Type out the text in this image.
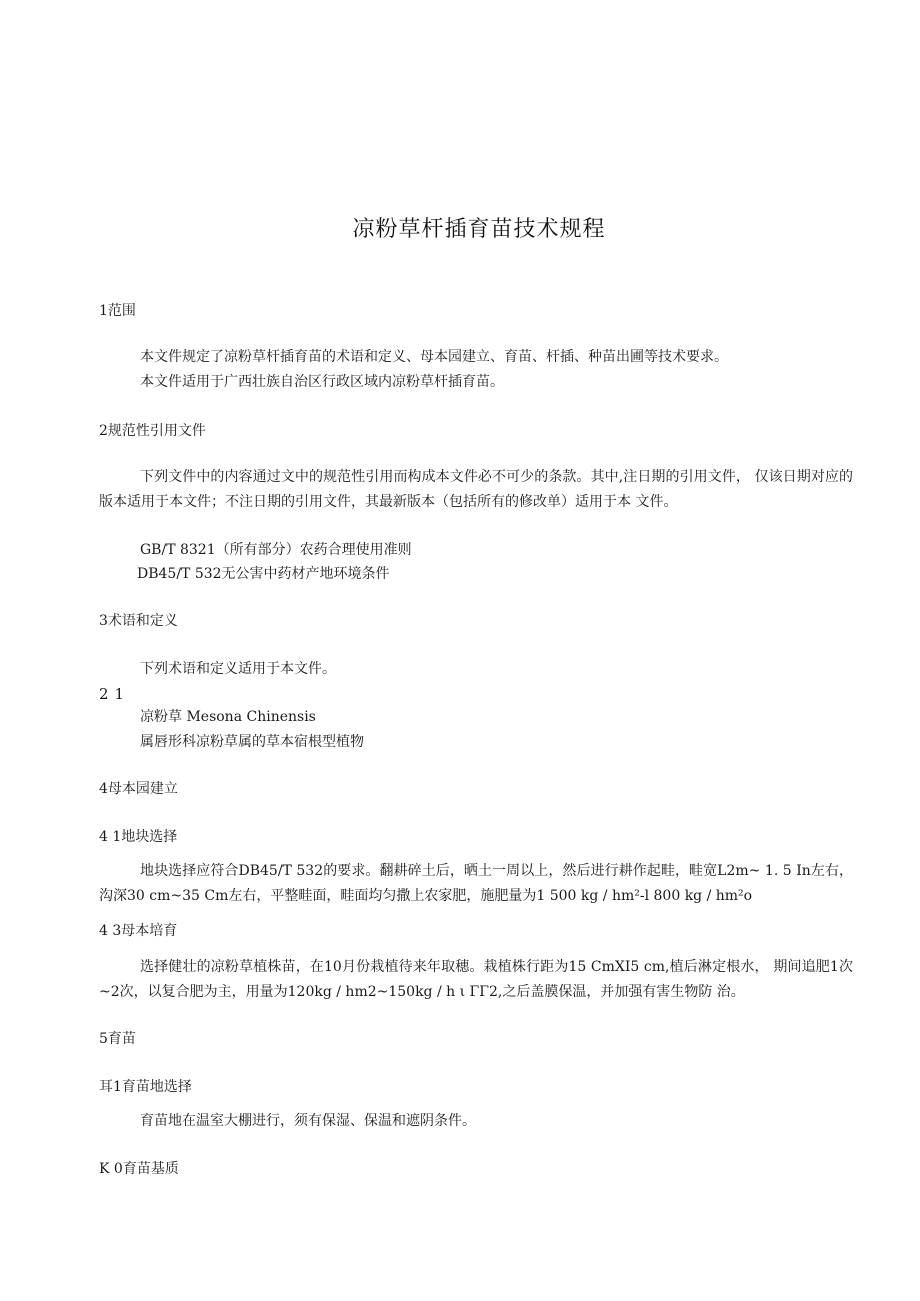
凉粉草杆插育苗技术规程
1范围
本文件规定了凉粉草杆插育苗的术语和定义、母本园建立、育苗、杆插、种苗出圃等技术要求。
本文件适用于广西壮族自治区行政区域内凉粉草杆插育苗。
2规范性引用文件
下列文件中的内容通过文中的规范性引用而构成本文件必不可少的条款。其中,注日期的引用文件， 仅该日期对应的版本适用于本文件；不注日期的引用文件，其最新版本（包括所有的修改单）适用于本 文件。
GB/T 8321（所有部分）农药合理使用准则
DB45/T 532无公害中药材产地环境条件
3术语和定义
下列术语和定义适用于本文件。
21
凉粉草 Mesona Chinensis
属唇形科凉粉草属的草本宿根型植物
4母本园建立
4 1地块选择
地块选择应符合DB45/T 532的要求。翻耕碎土后，晒土一周以上，然后进行耕作起畦，畦宽L2m~ 1. 5 In左右，沟深30 cm~35 Cm左右，平整畦面，畦面均匀撒上农家肥，施肥量为1 500 kg / hm²-l 800 kg / hm²o
4 3母本培育
选择健壮的凉粉草植株苗，在10月份栽植待来年取穗。栽植株行距为15 CmXI5 cm,植后淋定根水， 期间追肥1次~2次，以复合肥为主，用量为120kg / hm2~150kg / h ι ΓΓ2,之后盖膜保温，并加强有害生物防 治。
5育苗
耳1育苗地选择
育苗地在温室大棚进行，须有保湿、保温和遮阴条件。
K 0育苗基质
